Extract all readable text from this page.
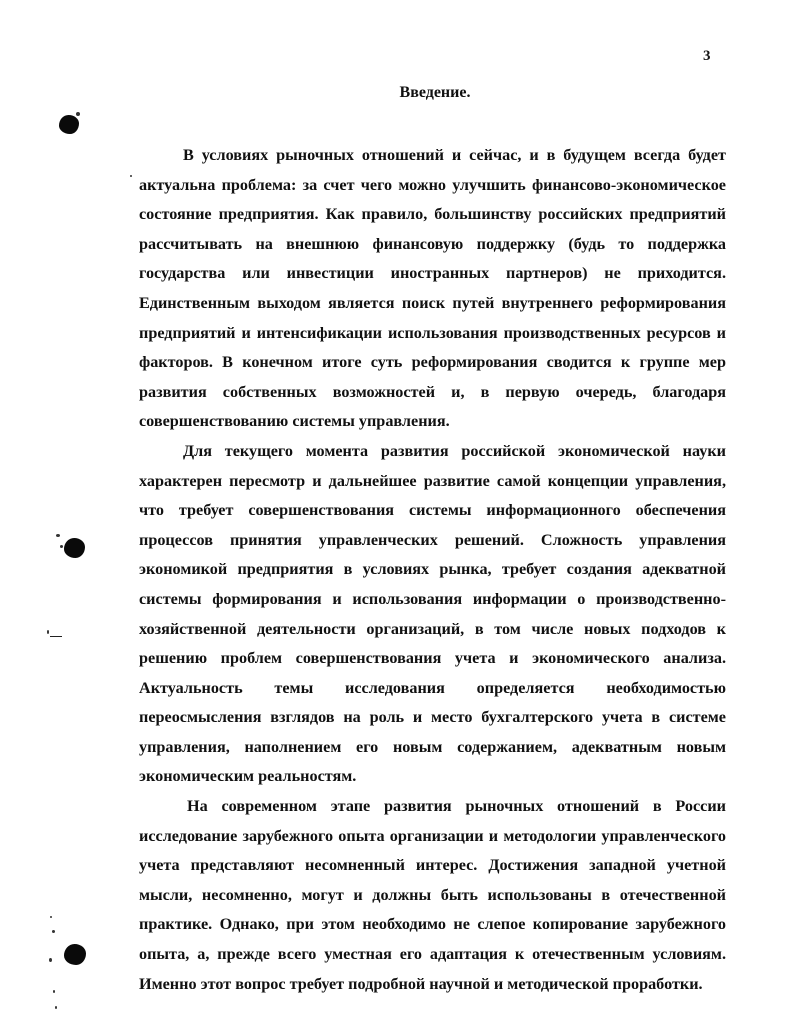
3
Введение.

В условиях рыночных отношений и сейчас, и в будущем всегда будет актуальна проблема: за счет чего можно улучшить финансово-экономическое состояние предприятия. Как правило, большинству российских предприятий рассчитывать на внешнюю финансовую поддержку (будь то поддержка государства или инвестиции иностранных партнеров) не приходится. Единственным выходом является поиск путей внутреннего реформирования предприятий и интенсификации использования производственных ресурсов и факторов. В конечном итоге суть реформирования сводится к группе мер развития собственных возможностей и, в первую очередь, благодаря совершенствованию системы управления.

Для текущего момента развития российской экономической науки характерен пересмотр и дальнейшее развитие самой концепции управления, что требует совершенствования системы информационного обеспечения процессов принятия управленческих решений. Сложность управления экономикой предприятия в условиях рынка, требует создания адекватной системы формирования и использования информации о производственно-хозяйственной деятельности организаций, в том числе новых подходов к решению проблем совершенствования учета и экономического анализа. Актуальность темы исследования определяется необходимостью переосмысления взглядов на роль и место бухгалтерского учета в системе управления, наполнением его новым содержанием, адекватным новым экономическим реальностям.

На современном этапе развития рыночных отношений в России исследование зарубежного опыта организации и методологии управленческого учета представляют несомненный интерес. Достижения западной учетной мысли, несомненно, могут и должны быть использованы в отечественной практике. Однако, при этом необходимо не слепое копирование зарубежного опыта, а, прежде всего уместная его адаптация к отечественным условиям. Именно этот вопрос требует подробной научной и методической проработки.
